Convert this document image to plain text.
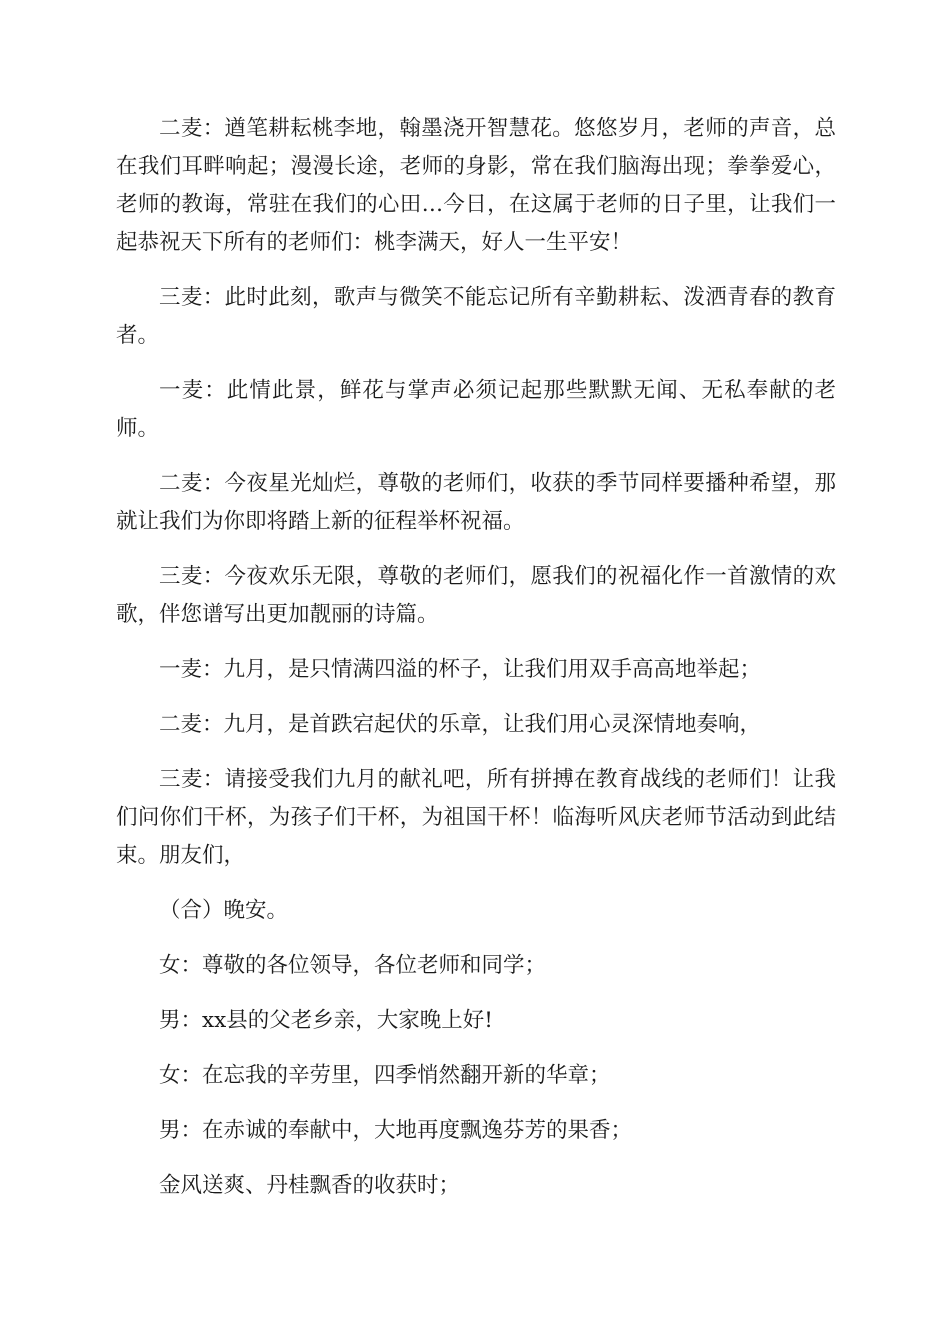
二麦：遒笔耕耘桃李地，翰墨浇开智慧花。悠悠岁月，老师的声音，总在我们耳畔响起；漫漫长途，老师的身影，常在我们脑海出现；拳拳爱心，老师的教诲，常驻在我们的心田…今日，在这属于老师的日子里，让我们一起恭祝天下所有的老师们：桃李满天，好人一生平安！

三麦：此时此刻，歌声与微笑不能忘记所有辛勤耕耘、泼洒青春的教育者。

一麦：此情此景，鲜花与掌声必须记起那些默默无闻、无私奉献的老师。

二麦：今夜星光灿烂，尊敬的老师们，收获的季节同样要播种希望，那就让我们为你即将踏上新的征程举杯祝福。

三麦：今夜欢乐无限，尊敬的老师们，愿我们的祝福化作一首激情的欢歌，伴您谱写出更加靓丽的诗篇。

一麦：九月，是只情满四溢的杯子，让我们用双手高高地举起；

二麦：九月，是首跌宕起伏的乐章，让我们用心灵深情地奏响，

三麦：请接受我们九月的献礼吧，所有拼搏在教育战线的老师们！让我们问你们干杯，为孩子们干杯，为祖国干杯！临海听风庆老师节活动到此结束。朋友们，

（合）晚安。

女：尊敬的各位领导，各位老师和同学；

男：xx县的父老乡亲，大家晚上好!

女：在忘我的辛劳里，四季悄然翻开新的华章；

男：在赤诚的奉献中，大地再度飘逸芬芳的果香；

金风送爽、丹桂飘香的收获时；
